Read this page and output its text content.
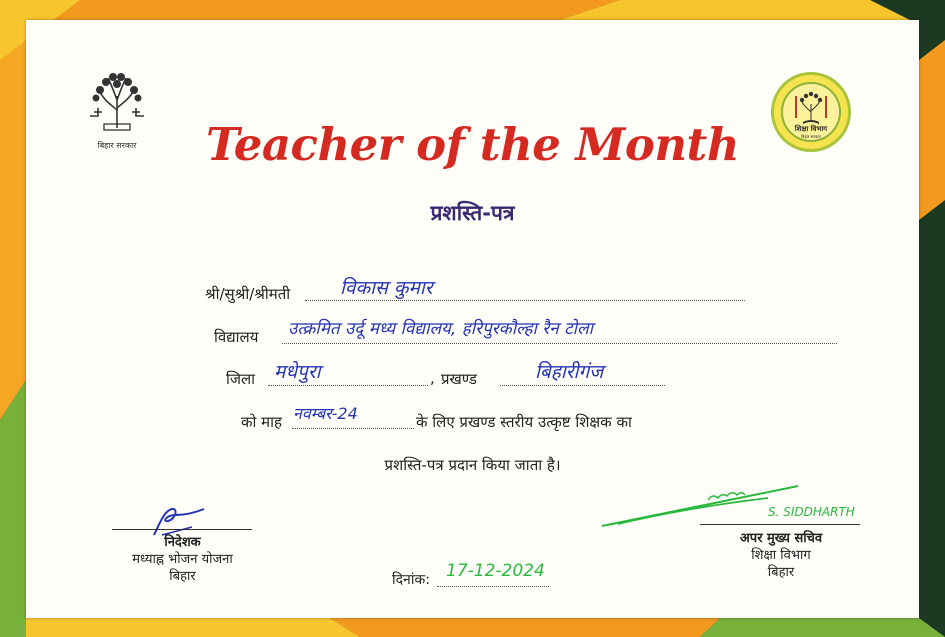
बिहार सरकार
शिक्षा विभाग
बिहार सरकार
Teacher of the Month
प्रशस्ति-पत्र
श्री/सुश्री/श्रीमती	विकास कुमार
विद्यालय उत्क्रमित उर्दू मध्य विद्यालय, हरिपुरकौल्हा रैन टोला
जिला मधेपुरा	, प्रखण्ड	बिहारीगंज
को माह नवम्बर-24	के लिए प्रखण्ड स्तरीय उत्कृष्ट शिक्षक का
प्रशस्ति-पत्र प्रदान किया जाता है।
निदेशक
मध्याह्न भोजन योजना
बिहार	दिनांक: 17-12-2024
S. SIDDHARTH
अपर मुख्य सचिव
शिक्षा विभाग
बिहार
